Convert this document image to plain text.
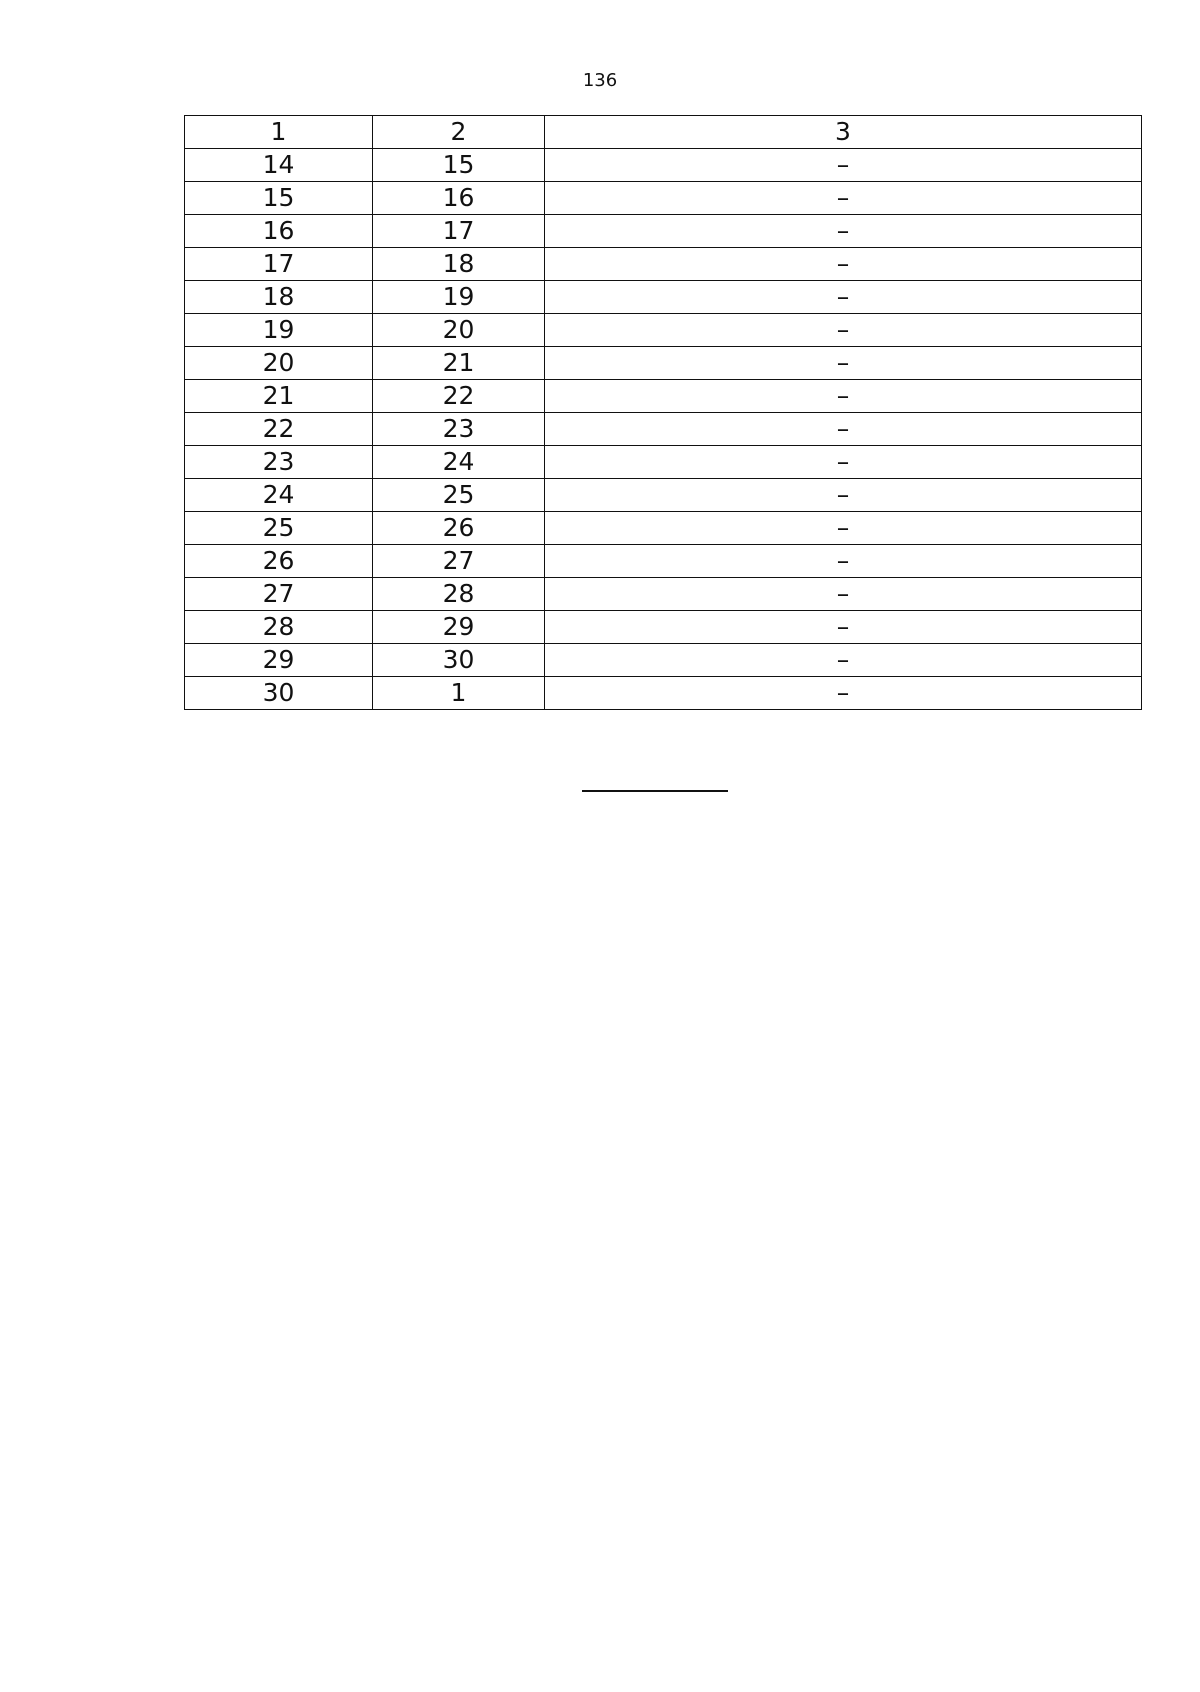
136
1	2	3
14	15	–
15	16	–
16	17	–
17	18	–
18	19	–
19	20	–
20	21	–
21	22	–
22	23	–
23	24	–
24	25	–
25	26	–
26	27	–
27	28	–
28	29	–
29	30	–
30	1	–
